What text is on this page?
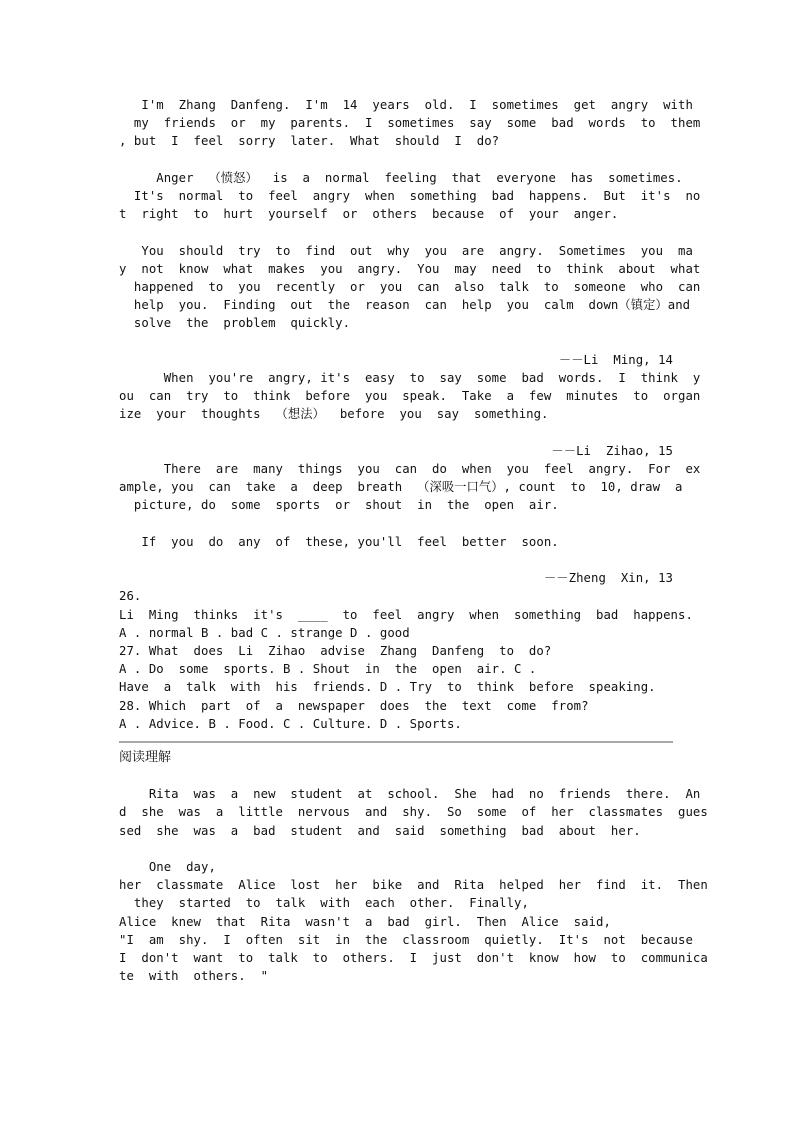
I'm  Zhang  Danfeng.  I'm  14  years  old.  I  sometimes  get  angry  with

my  friends  or  my  parents.  I  sometimes  say  some  bad  words  to  them

, but  I  feel  sorry  later.  What  should  I  do?

Anger  （愤怒）  is  a  normal  feeling  that  everyone  has  sometimes.

It's  normal  to  feel  angry  when  something  bad  happens.  But  it's  no

t  right  to  hurt  yourself  or  others  because  of  your  anger.

You  should  try  to  find  out  why  you  are  angry.  Sometimes  you  ma

y  not  know  what  makes  you  angry.  You  may  need  to  think  about  what

happened  to  you  recently  or  you  can  also  talk  to  someone  who  can

help  you.  Finding  out  the  reason  can  help  you  calm  down（镇定）and

solve  the  problem  quickly.

－－Li  Ming, 14

When  you're  angry, it's  easy  to  say  some  bad  words.  I  think  y

ou  can  try  to  think  before  you  speak.  Take  a  few  minutes  to  organ

ize  your  thoughts  （想法）  before  you  say  something.

－－Li  Zihao, 15

There  are  many  things  you  can  do  when  you  feel  angry.  For  ex

ample, you  can  take  a  deep  breath  （深吸一口气）, count  to  10, draw  a

picture, do  some  sports  or  shout  in  the  open  air.

If  you  do  any  of  these, you'll  feel  better  soon.

－－Zheng  Xin, 13

26.

Li  Ming  thinks  it's  ____  to  feel  angry  when  something  bad  happens.

A . normal B . bad C . strange D . good

27. What  does  Li  Zihao  advise  Zhang  Danfeng  to  do?

A . Do  some  sports. B . Shout  in  the  open  air. C .

Have  a  talk  with  his  friends. D . Try  to  think  before  speaking.

28. Which  part  of  a  newspaper  does  the  text  come  from?

A . Advice. B . Food. C . Culture. D . Sports.

阅读理解

Rita  was  a  new  student  at  school.  She  had  no  friends  there.  An

d  she  was  a  little  nervous  and  shy.  So  some  of  her  classmates  gues

sed  she  was  a  bad  student  and  said  something  bad  about  her.

One  day,

her  classmate  Alice  lost  her  bike  and  Rita  helped  her  find  it.  Then

they  started  to  talk  with  each  other.  Finally,

Alice  knew  that  Rita  wasn't  a  bad  girl.  Then  Alice  said,

"I  am  shy.  I  often  sit  in  the  classroom  quietly.  It's  not  because

I  don't  want  to  talk  to  others.  I  just  don't  know  how  to  communica

te  with  others.  "
